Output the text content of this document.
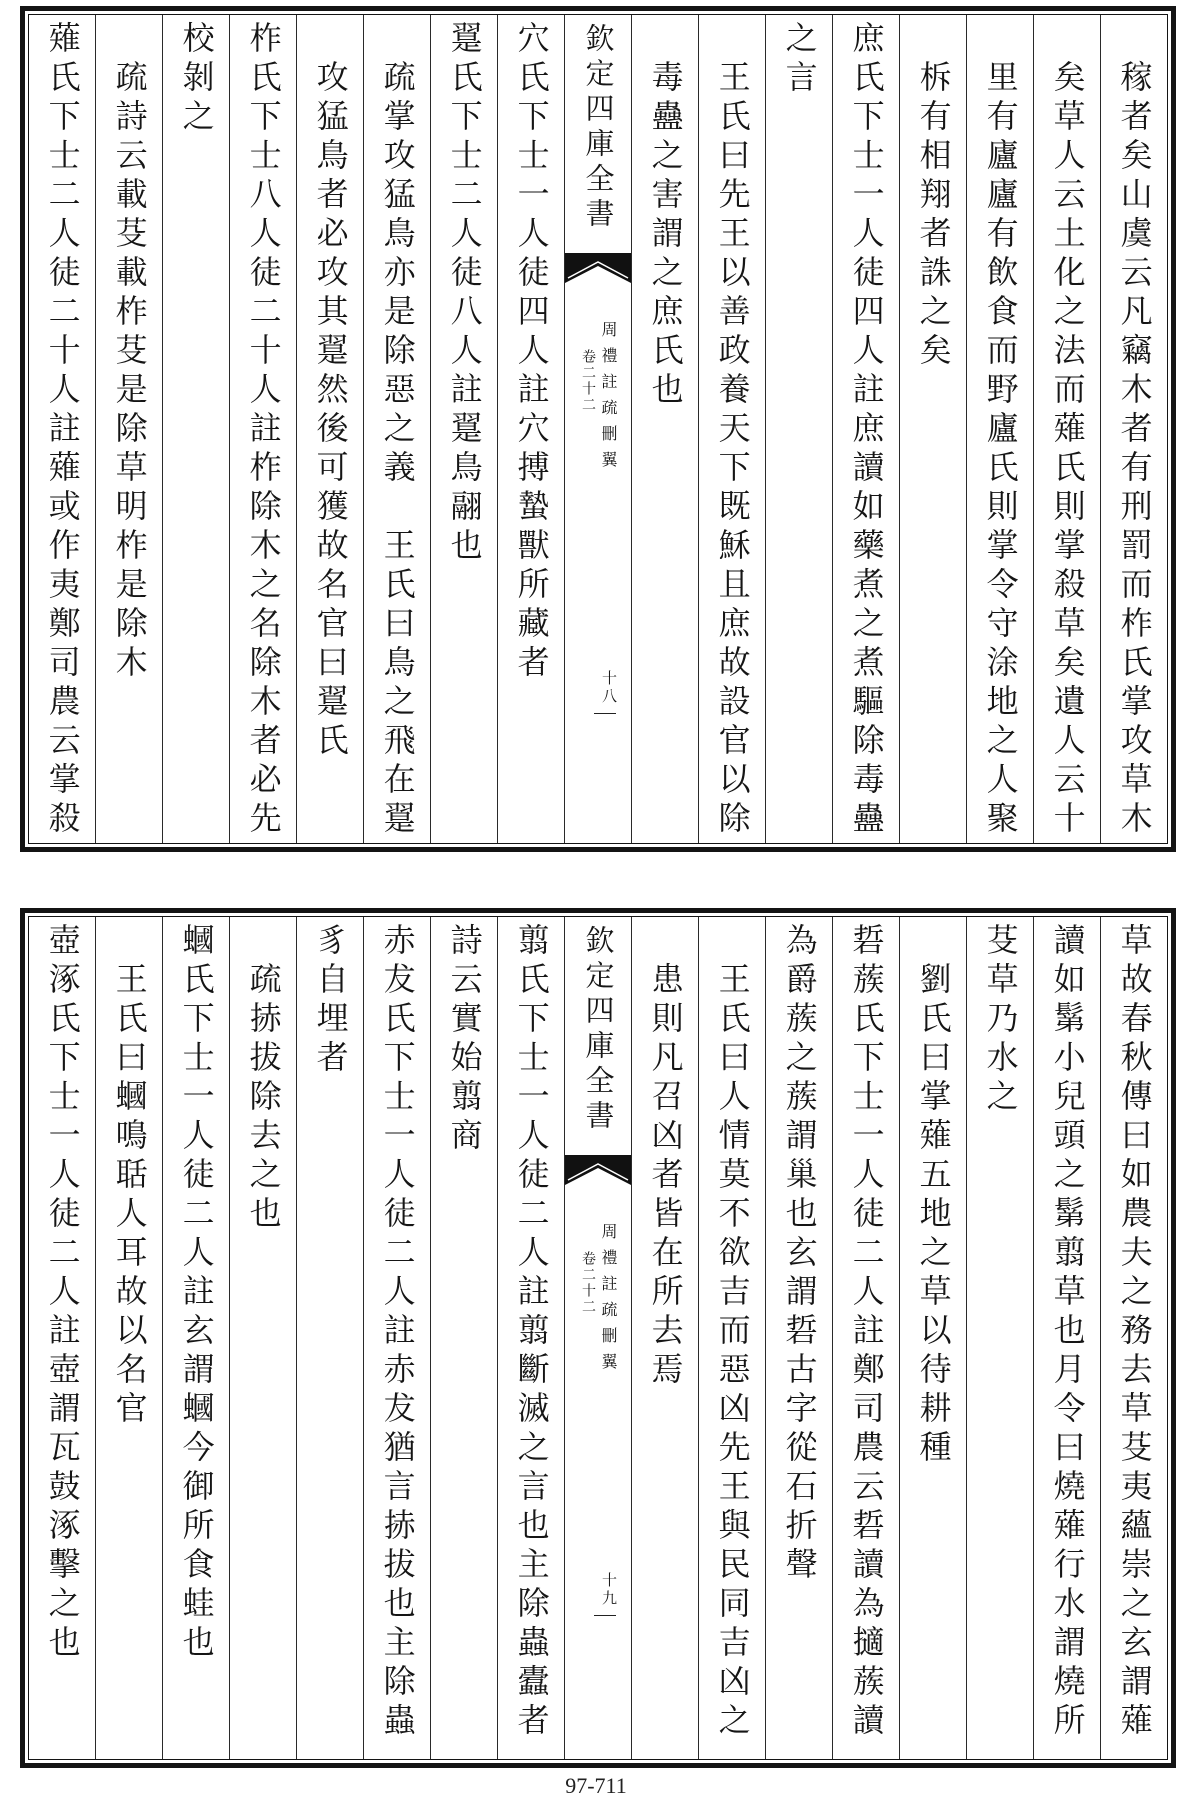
稼者矣山虞云凡竊木者有刑罰而柞氏掌攻草木
矣草人云土化之法而薙氏則掌殺草矣遺人云十
里有廬廬有飲食而野廬氏則掌令守涂地之人聚
柝有相翔者誅之矣
庶氏下士一人徒四人註庶讀如藥煮之煮驅除毒蠱
之言
王氏曰先王以善政養天下既穌且庶故設官以除
毒蠱之害謂之庶氏也
欽定四庫全書
周禮註疏刪翼
卷二十二
十八
穴氏下士一人徒四人註穴搏蟄獸所藏者
翨氏下士二人徒八人註翨鳥翮也
疏掌攻猛鳥亦是除惡之義　王氏曰鳥之飛在翨
攻猛鳥者必攻其翨然後可獲故名官曰翨氏
柞氏下士八人徒二十人註柞除木之名除木者必先
校剝之
疏詩云載芟載柞芟是除草明柞是除木
薙氏下士二人徒二十人註薙或作夷鄭司農云掌殺
草故春秋傳曰如農夫之務去草芟夷蘊崇之玄謂薙
讀如鬀小兒頭之鬀翦草也月令曰燒薙行水謂燒所
芟草乃水之
劉氏曰掌薙五地之草以待耕種
硩蔟氏下士一人徒二人註鄭司農云硩讀為擿蔟讀
為爵蔟之蔟謂巢也玄謂硩古字從石折聲
王氏曰人情莫不欲吉而惡凶先王與民同吉凶之
患則凡召凶者皆在所去焉
欽定四庫全書
周禮註疏刪翼
卷二十二
十九
翦氏下士一人徒二人註翦斷滅之言也主除蟲蠹者
詩云實始翦商
赤犮氏下士一人徒二人註赤犮猶言捇拔也主除蟲
豸自埋者
疏捇拔除去之也
蟈氏下士一人徒二人註玄謂蟈今御所食蛙也
王氏曰蟈鳴聒人耳故以名官
壺涿氏下士一人徒二人註壺謂瓦鼓涿擊之也
97-711
